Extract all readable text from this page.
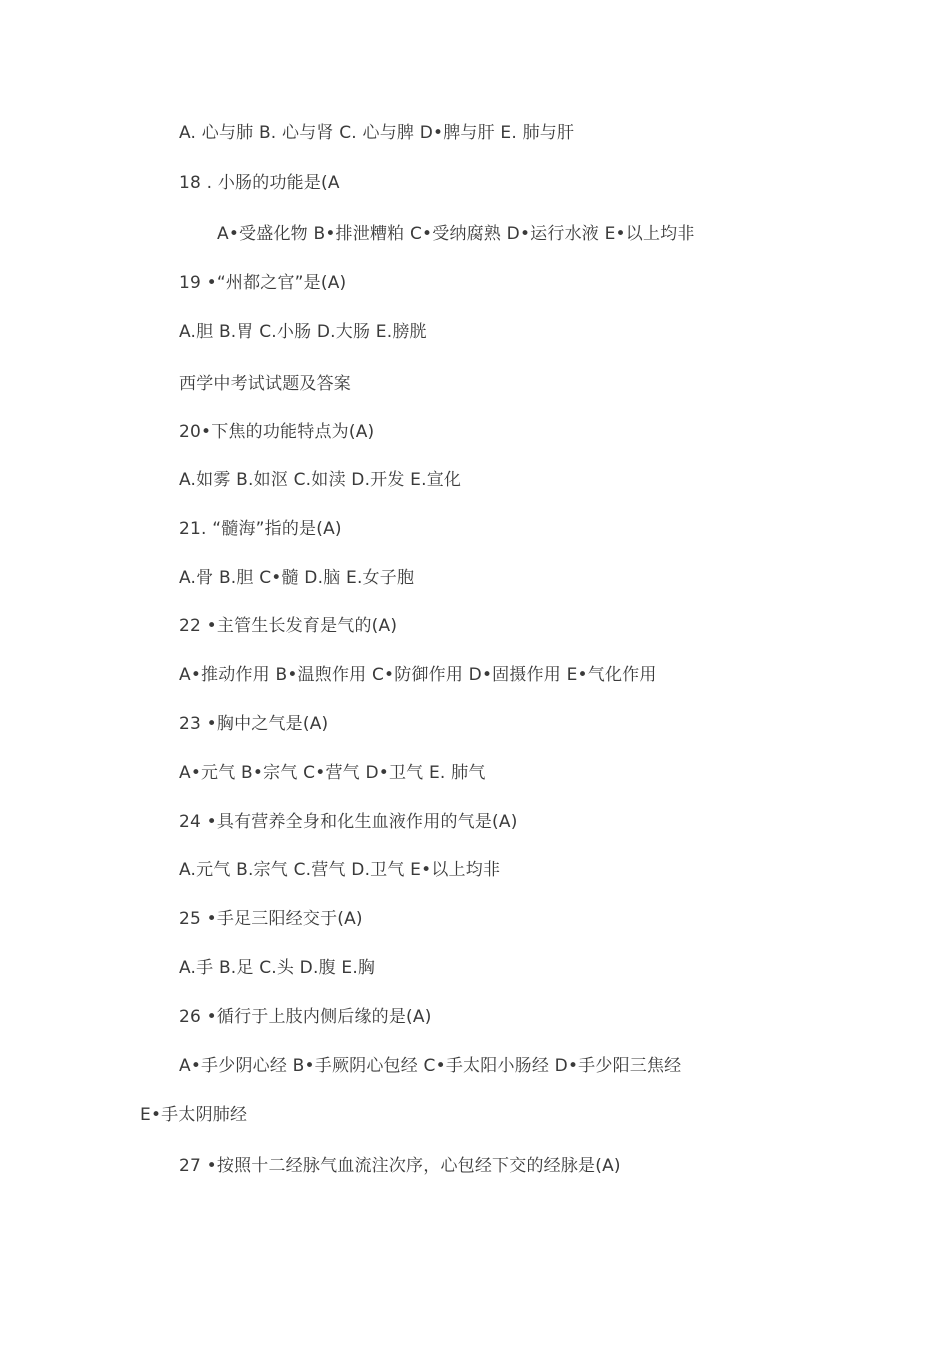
A. 心与肺 B. 心与肾 C. 心与脾 D•脾与肝 E. 肺与肝
18 . 小肠的功能是(A
A•受盛化物 B•排泄糟粕 C•受纳腐熟 D•运行水液 E•以上均非
19 •“州都之官”是(A)
A.胆 B.胃 C.小肠 D.大肠 E.膀胱
西学中考试试题及答案
20•下焦的功能特点为(A)
A.如雾 B.如沤 C.如渎 D.开发 E.宣化
21. “髓海”指的是(A)
A.骨 B.胆 C•髓 D.脑 E.女子胞
22 •主管生长发育是气的(A)
A•推动作用 B•温煦作用 C•防御作用 D•固摄作用 E•气化作用
23 •胸中之气是(A)
A•元气 B•宗气 C•营气 D•卫气 E. 肺气
24 •具有营养全身和化生血液作用的气是(A)
A.元气 B.宗气 C.营气 D.卫气 E•以上均非
25 •手足三阳经交于(A)
A.手 B.足 C.头 D.腹 E.胸
26 •循行于上肢内侧后缘的是(A)
A•手少阴心经 B•手厥阴心包经 C•手太阳小肠经 D•手少阳三焦经
E•手太阴肺经
27 •按照十二经脉气血流注次序，心包经下交的经脉是(A)
